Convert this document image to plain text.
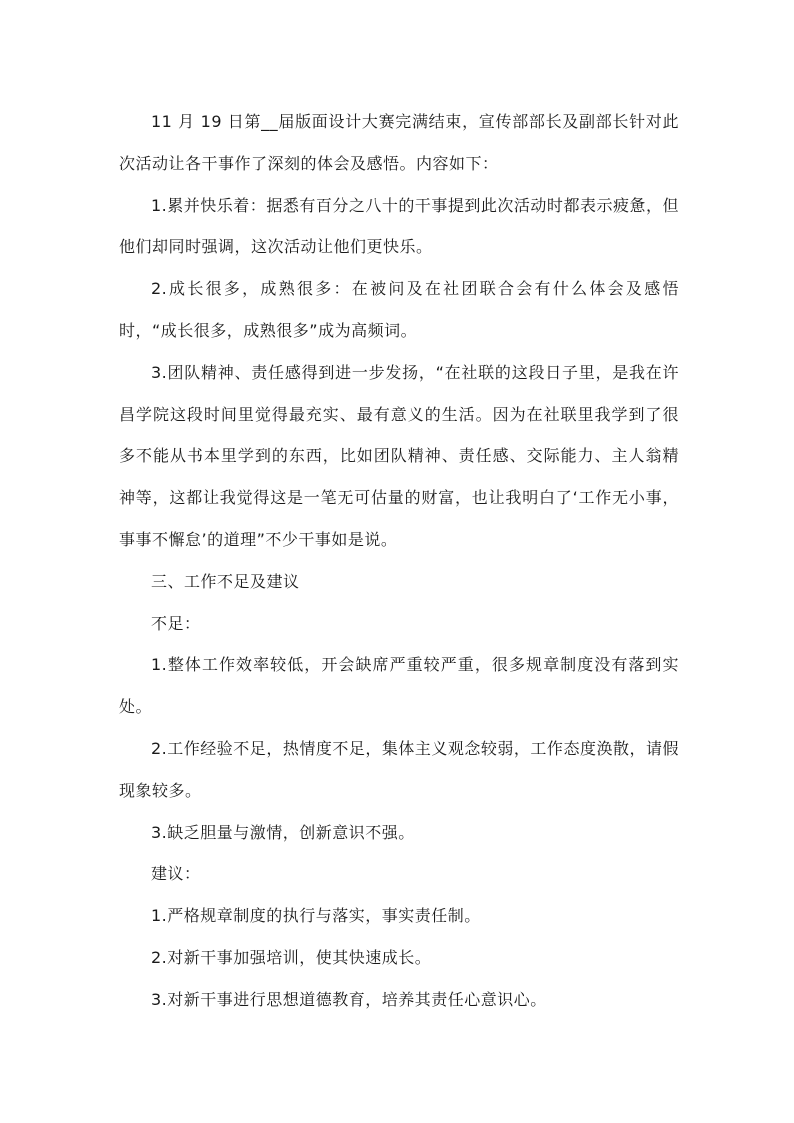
11 月 19 日第__届版面设计大赛完满结束，宣传部部长及副部长针对此次活动让各干事作了深刻的体会及感悟。内容如下：

1.累并快乐着：据悉有百分之八十的干事提到此次活动时都表示疲惫，但他们却同时强调，这次活动让他们更快乐。

2.成长很多，成熟很多：在被问及在社团联合会有什么体会及感悟时，“成长很多，成熟很多”成为高频词。

3.团队精神、责任感得到进一步发扬，“在社联的这段日子里，是我在许昌学院这段时间里觉得最充实、最有意义的生活。因为在社联里我学到了很多不能从书本里学到的东西，比如团队精神、责任感、交际能力、主人翁精神等，这都让我觉得这是一笔无可估量的财富，也让我明白了‘工作无小事，事事不懈怠’的道理”不少干事如是说。

三、工作不足及建议

不足：

1.整体工作效率较低，开会缺席严重较严重，很多规章制度没有落到实处。

2.工作经验不足，热情度不足，集体主义观念较弱，工作态度涣散，请假现象较多。

3.缺乏胆量与激情，创新意识不强。

建议：

1.严格规章制度的执行与落实，事实责任制。

2.对新干事加强培训，使其快速成长。

3.对新干事进行思想道德教育，培养其责任心意识心。
